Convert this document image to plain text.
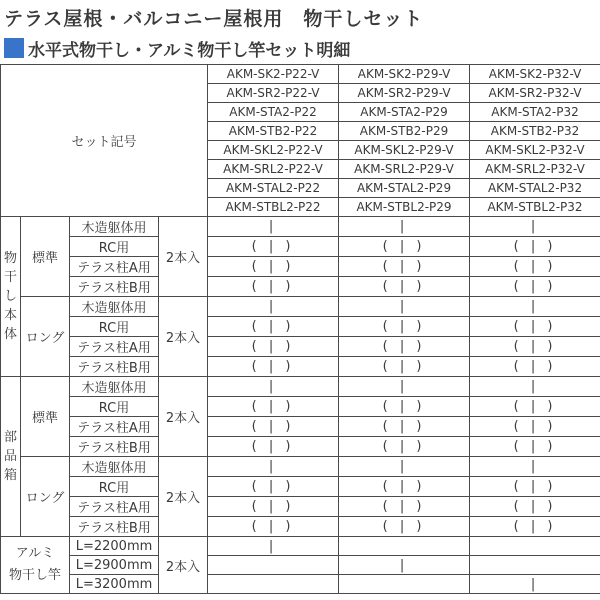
テラス屋根・バルコニー屋根用　物干しセット
水平式物干し・アルミ物干し竿セット明細
セット記号				AKM-SK2-P22-V	AKM-SK2-P29-V	AKM-SK2-P32-V
				AKM-SR2-P22-V	AKM-SR2-P29-V	AKM-SR2-P32-V
				AKM-STA2-P22	AKM-STA2-P29	AKM-STA2-P32
				AKM-STB2-P22	AKM-STB2-P29	AKM-STB2-P32
				AKM-SKL2-P22-V	AKM-SKL2-P29-V	AKM-SKL2-P32-V
				AKM-SRL2-P22-V	AKM-SRL2-P29-V	AKM-SRL2-P32-V
				AKM-STAL2-P22	AKM-STAL2-P29	AKM-STAL2-P32
				AKM-STBL2-P22	AKM-STBL2-P29	AKM-STBL2-P32
物
干
し
本
体	標準	木造躯体用	2本入	|	|	|
		RC用		( | )	( | )	( | )
		テラス柱A用		( | )	( | )	( | )
		テラス柱B用		( | )	( | )	( | )
	ロング	木造躯体用	2本入	|	|	|
		RC用		( | )	( | )	( | )
		テラス柱A用		( | )	( | )	( | )
		テラス柱B用		( | )	( | )	( | )
部
品
箱	標準	木造躯体用	2本入	|	|	|
		RC用		( | )	( | )	( | )
		テラス柱A用		( | )	( | )	( | )
		テラス柱B用		( | )	( | )	( | )
	ロング	木造躯体用	2本入	|	|	|
		RC用		( | )	( | )	( | )
		テラス柱A用		( | )	( | )	( | )
		テラス柱B用		( | )	( | )	( | )
アルミ
物干し竿		L=2200mm	2本入	|		
		L=2900mm			|	
		L=3200mm				|
